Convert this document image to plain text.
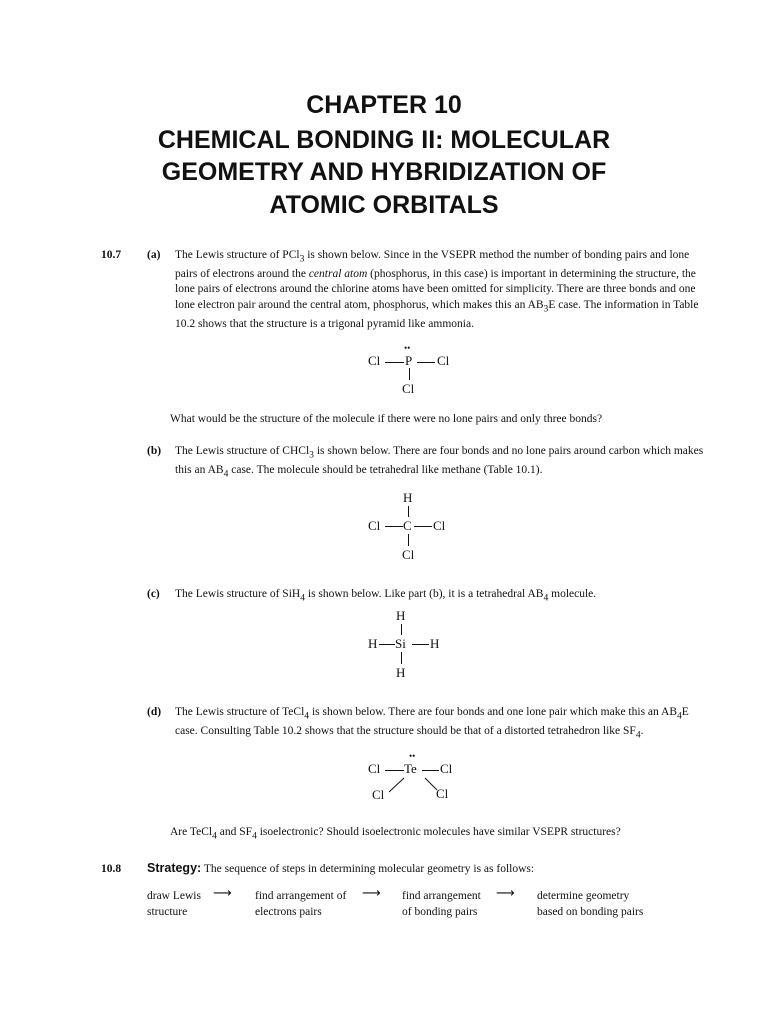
CHAPTER 10
CHEMICAL BONDING II: MOLECULAR
GEOMETRY AND HYBRIDIZATION OF
ATOMIC ORBITALS
10.7 (a) The Lewis structure of PCl$_3$ is shown below. Since in the VSEPR method the number of bonding pairs and lone pairs of electrons around the central atom (phosphorus, in this case) is important in determining the structure, the lone pairs of electrons around the chlorine atoms have been omitted for simplicity. There are three bonds and one lone electron pair around the central atom, phosphorus, which makes this an $AB_3E$ case. The information in Table 10.2 shows that the structure is a trigonal pyramid like ammonia.
Cl
••
P Cl
Cl
What would be the structure of the molecule if there were no lone pairs and only three bonds?
(b) The Lewis structure of CHCl$_3$ is shown below. There are four bonds and no lone pairs around carbon which makes this an $AB_4$ case. The molecule should be tetrahedral like methane (Table 10.1).
H
Cl C Cl
Cl
(c) The Lewis structure of SiH$_4$ is shown below. Like part (b), it is a tetrahedral $AB_4$ molecule.
H
H Si H
H
(d) The Lewis structure of TeCl$_4$ is shown below. There are four bonds and one lone pair which make this an $AB_4E$ case. Consulting Table 10.2 shows that the structure should be that of a distorted tetrahedron like $SF_4$.
Cl
••
Te Cl
Cl	Cl
Are TeCl$_4$ and $SF_4$ isoelectronic? Should isoelectronic molecules have similar VSEPR structures?
10.8 Strategy: The sequence of steps in determining molecular geometry is as follows:
draw Lewis
structure
⟶ find arrangement of
electrons pairs
⟶ find arrangement
of bonding pairs
⟶ determine geometry
based on bonding pairs
